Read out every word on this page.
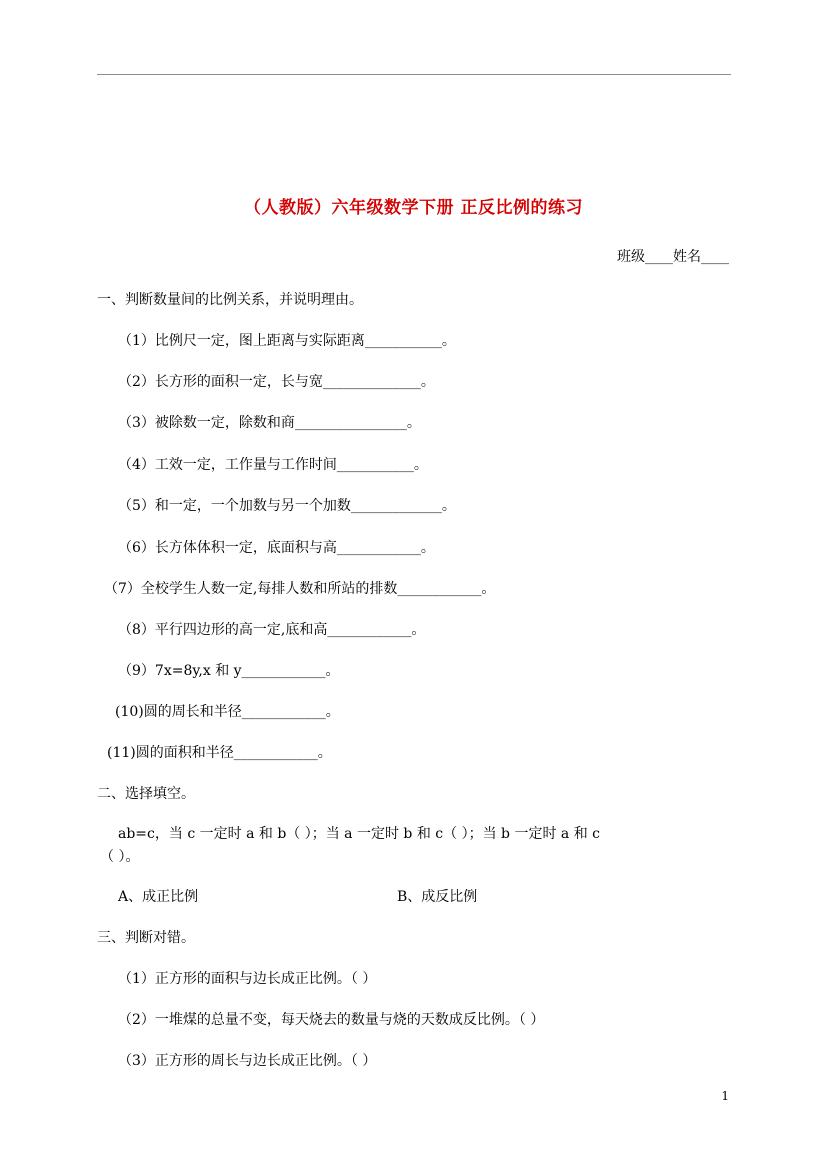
（人教版）六年级数学下册 正反比例的练习
班级____姓名____
一、判断数量间的比例关系，并说明理由。
（1）比例尺一定，图上距离与实际距离___________。
（2）长方形的面积一定，长与宽______________。
（3）被除数一定，除数和商________________。
（4）工效一定，工作量与工作时间___________。
（5）和一定，一个加数与另一个加数_____________。
（6）长方体体积一定，底面积与高____________。
（7）全校学生人数一定,每排人数和所站的排数____________。
（8）平行四边形的高一定,底和高____________。
（9）7x=8y,x 和 y____________。
(10)圆的周长和半径____________。
(11)圆的面积和半径____________。
二、选择填空。
ab=c，当 c 一定时 a 和 b（ ）；当 a 一定时 b 和 c（ ）；当 b 一定时 a 和 c
（ ）。
A、成正比例	B、成反比例
三、判断对错。
（1）正方形的面积与边长成正比例。（ ）
（2）一堆煤的总量不变，每天烧去的数量与烧的天数成反比例。（ ）
（3）正方形的周长与边长成正比例。（ ）
1
